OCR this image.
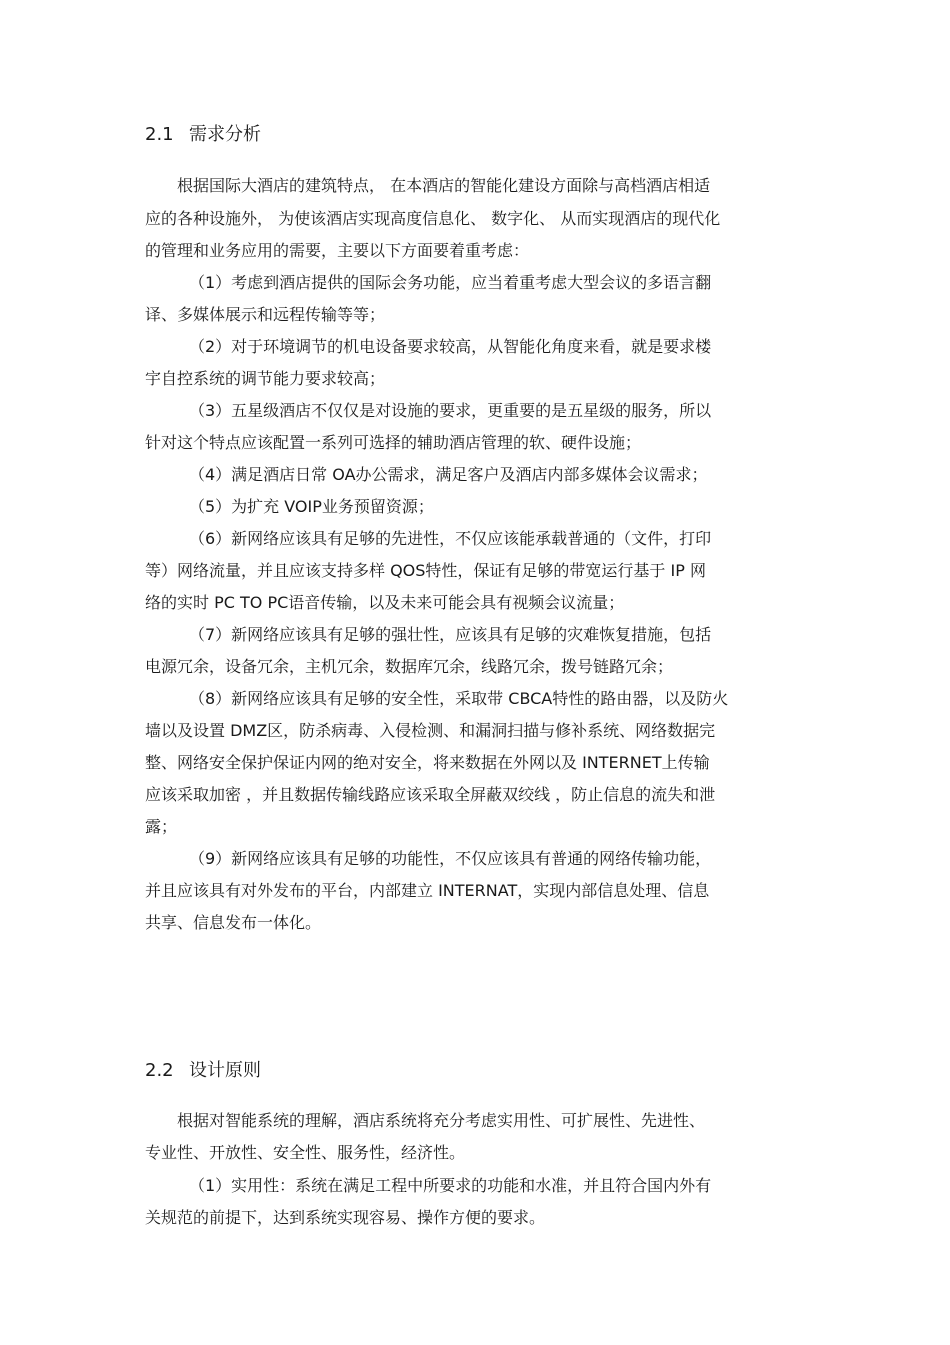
2.1 需求分析
根据国际大酒店的建筑特点， 在本酒店的智能化建设方面除与高档酒店相适
应的各种设施外， 为使该酒店实现高度信息化、 数字化、 从而实现酒店的现代化
的管理和业务应用的需要，主要以下方面要着重考虑：
（1）考虑到酒店提供的国际会务功能，应当着重考虑大型会议的多语言翻
译、多媒体展示和远程传输等等；
（2）对于环境调节的机电设备要求较高，从智能化角度来看，就是要求楼
宇自控系统的调节能力要求较高；
（3）五星级酒店不仅仅是对设施的要求，更重要的是五星级的服务，所以
针对这个特点应该配置一系列可选择的辅助酒店管理的软、硬件设施；
（4）满足酒店日常 OA办公需求，满足客户及酒店内部多媒体会议需求；
（5）为扩充 VOIP业务预留资源；
（6）新网络应该具有足够的先进性，不仅应该能承载普通的（文件，打印
等）网络流量，并且应该支持多样 QOS特性，保证有足够的带宽运行基于 IP 网
络的实时 PC TO PC语音传输，以及未来可能会具有视频会议流量；
（7）新网络应该具有足够的强壮性，应该具有足够的灾难恢复措施，包括
电源冗余，设备冗余，主机冗余，数据库冗余，线路冗余，拨号链路冗余；
（8）新网络应该具有足够的安全性，采取带 CBCA特性的路由器，以及防火
墙以及设置 DMZ区，防杀病毒、入侵检测、和漏洞扫描与修补系统、网络数据完
整、网络安全保护保证内网的绝对安全，将来数据在外网以及 INTERNET上传输
应该采取加密 ，并且数据传输线路应该采取全屏蔽双绞线 ，防止信息的流失和泄
露；
（9）新网络应该具有足够的功能性，不仅应该具有普通的网络传输功能，
并且应该具有对外发布的平台，内部建立 INTERNAT，实现内部信息处理、信息
共享、信息发布一体化。
2.2 设计原则
根据对智能系统的理解，酒店系统将充分考虑实用性、可扩展性、先进性、
专业性、开放性、安全性、服务性，经济性。
（1）实用性：系统在满足工程中所要求的功能和水准，并且符合国内外有
关规范的前提下，达到系统实现容易、操作方便的要求。
